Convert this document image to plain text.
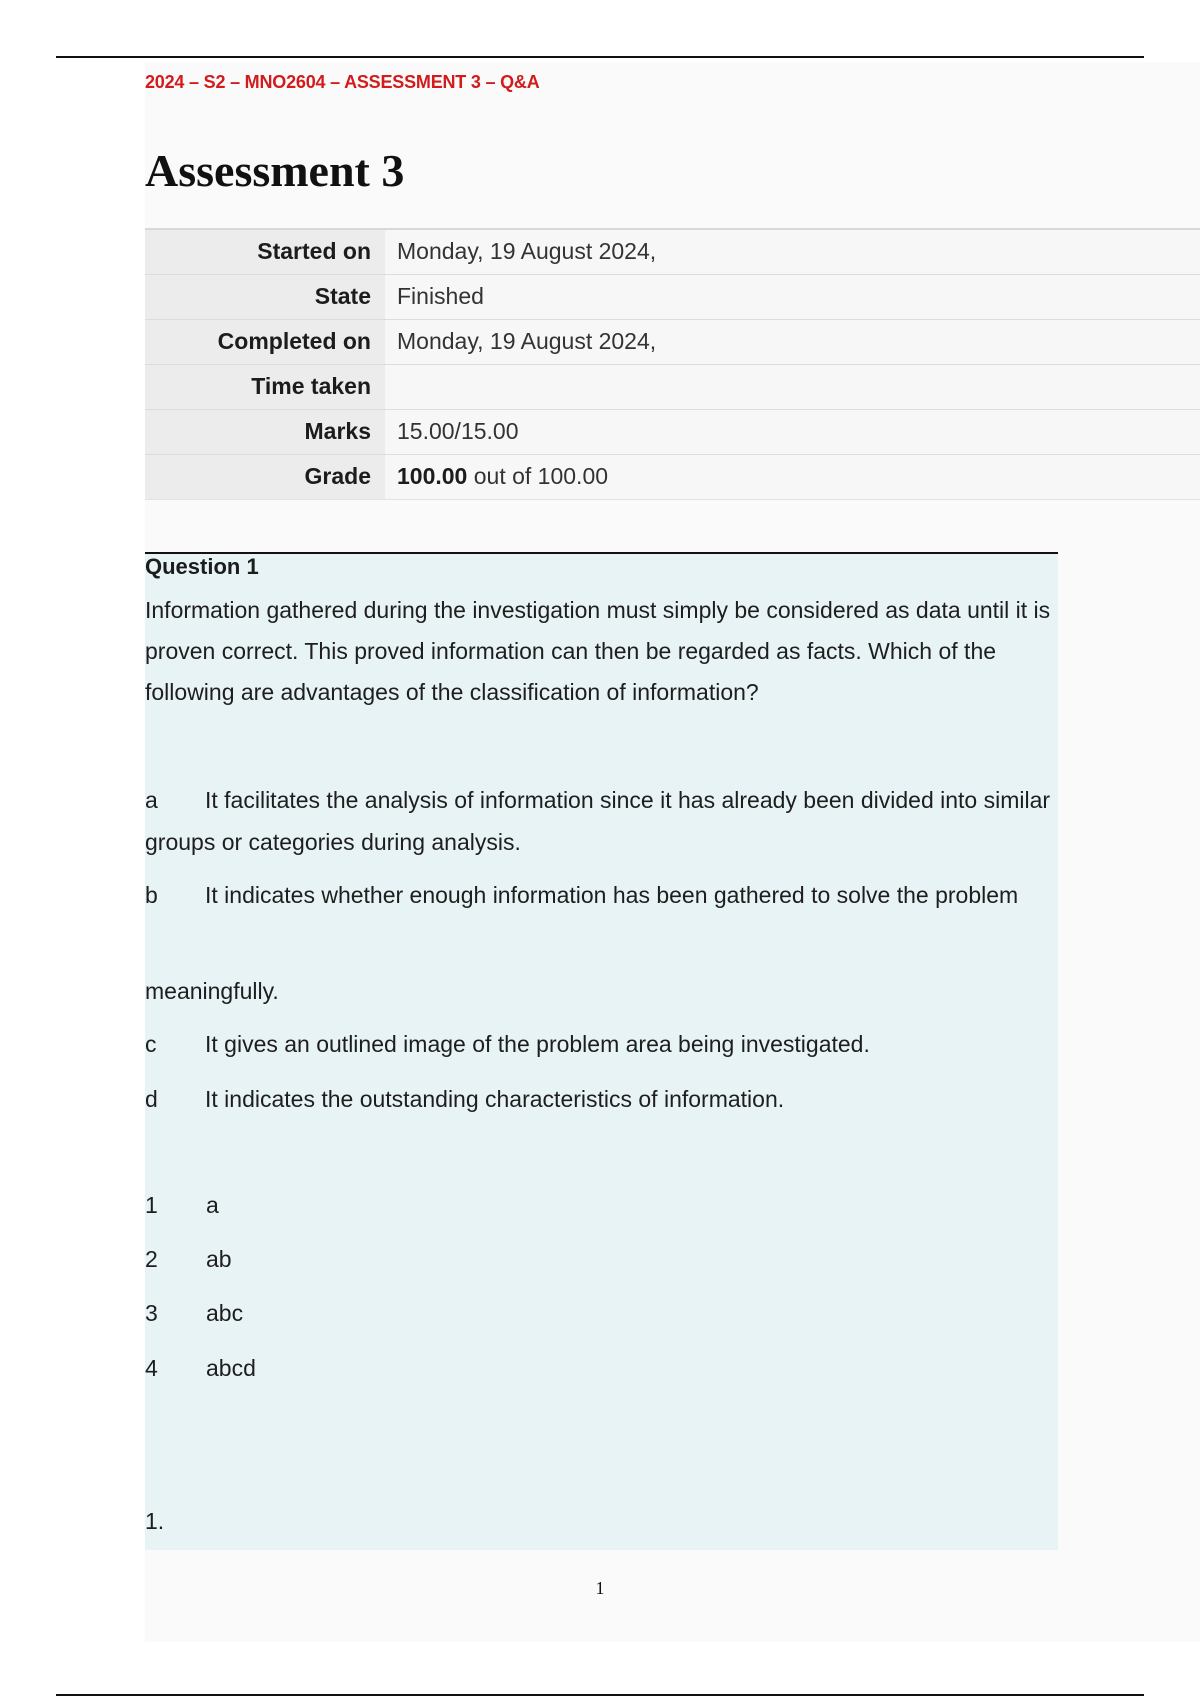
2024 – S2 – MNO2604 – ASSESSMENT 3 – Q&A
Assessment 3
Started on	Monday, 19 August 2024,
State	Finished
Completed on	Monday, 19 August 2024,
Time taken	
Marks	15.00/15.00
Grade	100.00 out of 100.00
Question 1
Information gathered during the investigation must simply be considered as data until it is proven correct. This proved information can then be regarded as facts. Which of the following are advantages of the classification of information?
a It facilitates the analysis of information since it has already been divided into similar groups or categories during analysis.
b It indicates whether enough information has been gathered to solve the problem
meaningfully.
c It gives an outlined image of the problem area being investigated.
d It indicates the outstanding characteristics of information.
1 a
2 ab
3 abc
4 abcd
1.
1
